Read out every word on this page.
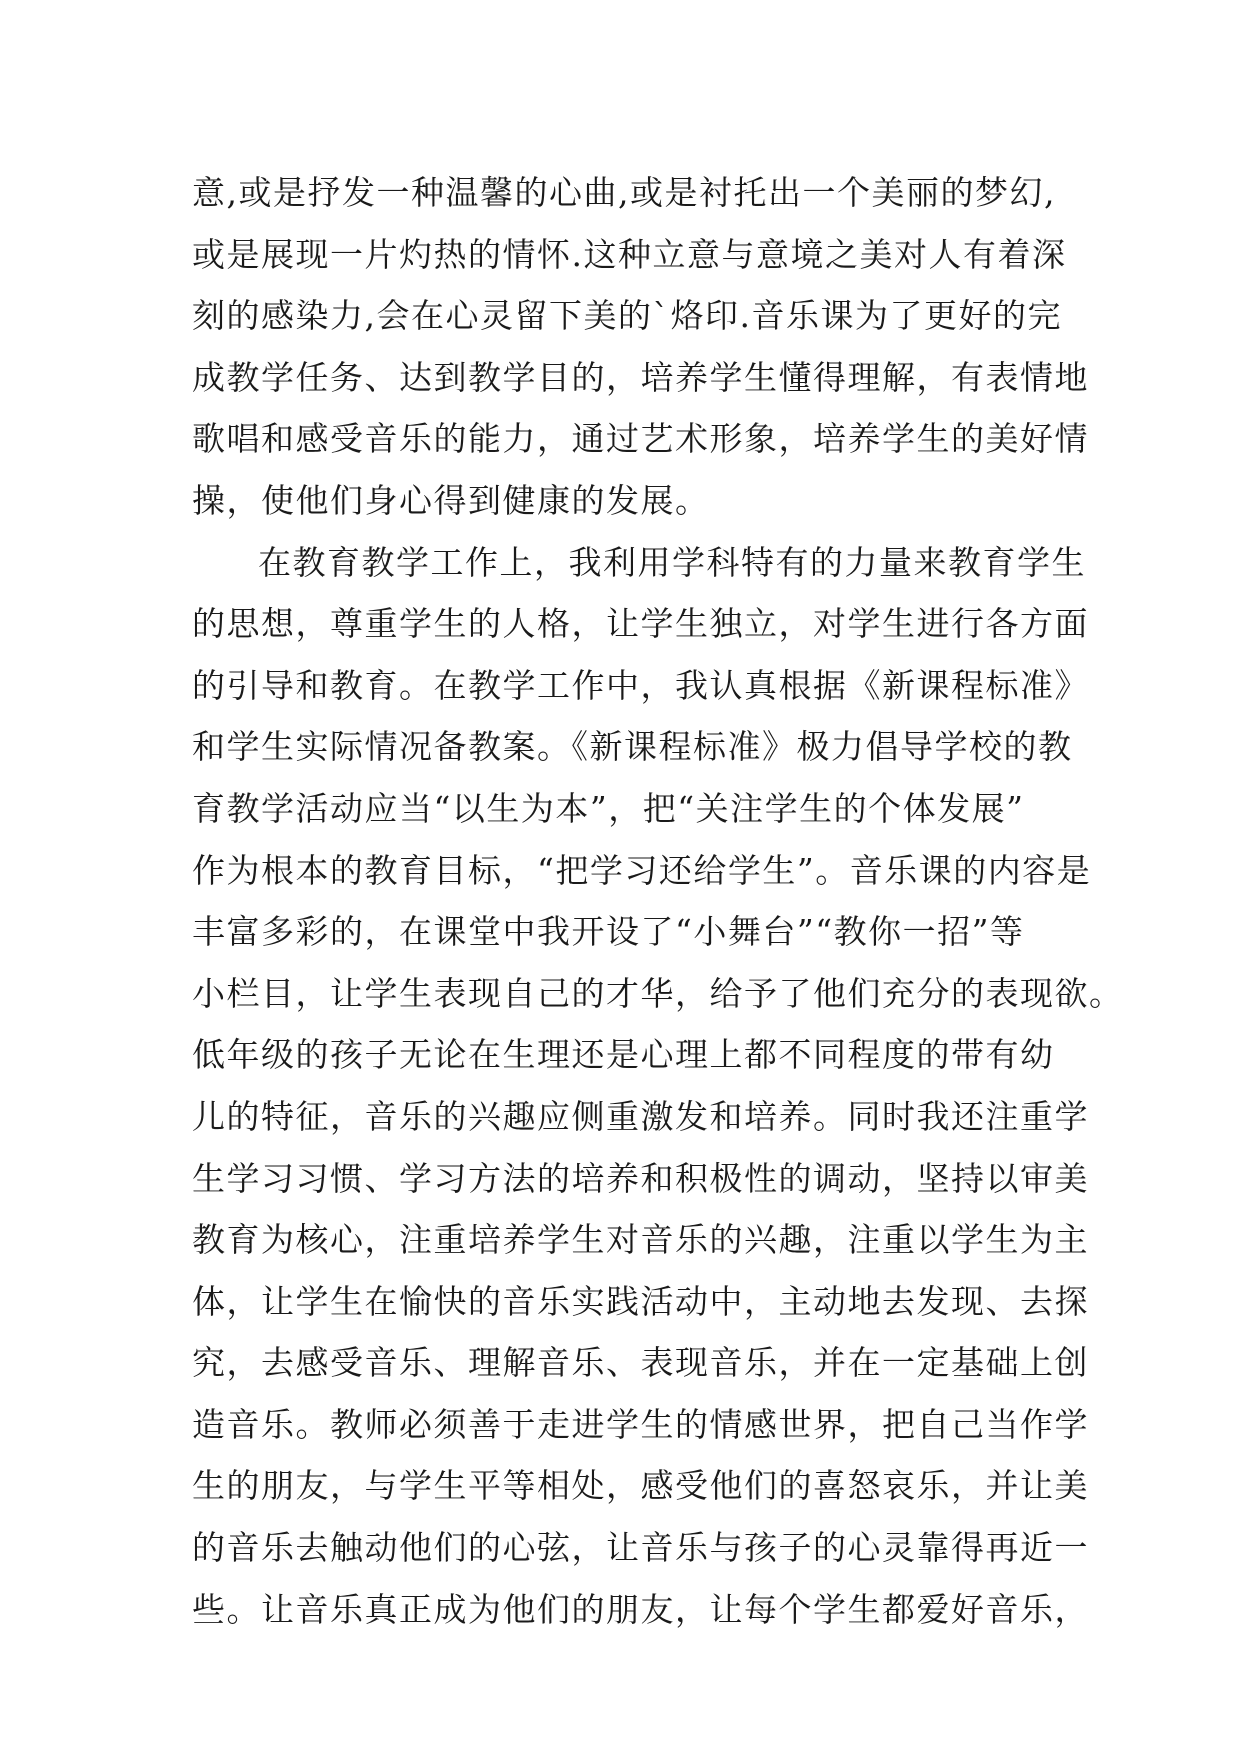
意,或是抒发一种温馨的心曲,或是衬托出一个美丽的梦幻,
或是展现一片灼热的情怀.这种立意与意境之美对人有着深
刻的感染力,会在心灵留下美的`烙印.音乐课为了更好的完
成教学任务、达到教学目的，培养学生懂得理解，有表情地
歌唱和感受音乐的能力，通过艺术形象，培养学生的美好情
操，使他们身心得到健康的发展。
在教育教学工作上，我利用学科特有的力量来教育学生
的思想，尊重学生的人格，让学生独立，对学生进行各方面
的引导和教育。在教学工作中，我认真根据《新课程标准》
和学生实际情况备教案。《新课程标准》极力倡导学校的教
育教学活动应当“以生为本”，把“关注学生的个体发展”
作为根本的教育目标，“把学习还给学生”。音乐课的内容是
丰富多彩的，在课堂中我开设了“小舞台”“教你一招”等
小栏目，让学生表现自己的才华，给予了他们充分的表现欲。
低年级的孩子无论在生理还是心理上都不同程度的带有幼
儿的特征，音乐的兴趣应侧重激发和培养。同时我还注重学
生学习习惯、学习方法的培养和积极性的调动，坚持以审美
教育为核心，注重培养学生对音乐的兴趣，注重以学生为主
体，让学生在愉快的音乐实践活动中，主动地去发现、去探
究，去感受音乐、理解音乐、表现音乐，并在一定基础上创
造音乐。教师必须善于走进学生的情感世界，把自己当作学
生的朋友，与学生平等相处，感受他们的喜怒哀乐，并让美
的音乐去触动他们的心弦，让音乐与孩子的心灵靠得再近一
些。让音乐真正成为他们的朋友，让每个学生都爱好音乐，
